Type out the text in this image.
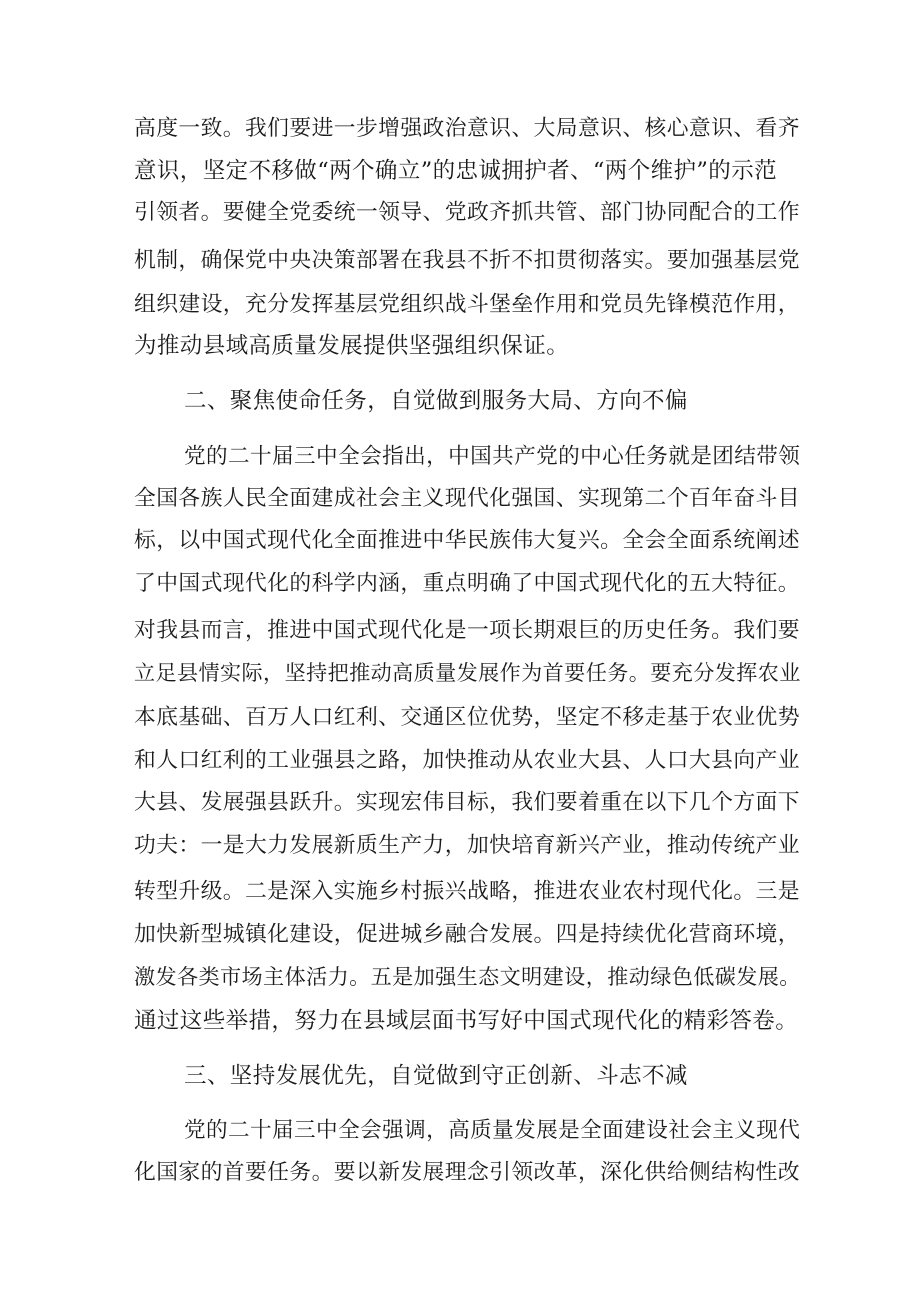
高度一致。我们要进一步增强政治意识、大局意识、核心意识、看齐
意识，坚定不移做“两个确立”的忠诚拥护者、“两个维护”的示范
引领者。要健全党委统一领导、党政齐抓共管、部门协同配合的工作
机制，确保党中央决策部署在我县不折不扣贯彻落实。要加强基层党
组织建设，充分发挥基层党组织战斗堡垒作用和党员先锋模范作用，
为推动县域高质量发展提供坚强组织保证。
二、聚焦使命任务，自觉做到服务大局、方向不偏
党的二十届三中全会指出，中国共产党的中心任务就是团结带领
全国各族人民全面建成社会主义现代化强国、实现第二个百年奋斗目
标，以中国式现代化全面推进中华民族伟大复兴。全会全面系统阐述
了中国式现代化的科学内涵，重点明确了中国式现代化的五大特征。
对我县而言，推进中国式现代化是一项长期艰巨的历史任务。我们要
立足县情实际，坚持把推动高质量发展作为首要任务。要充分发挥农业
本底基础、百万人口红利、交通区位优势，坚定不移走基于农业优势
和人口红利的工业强县之路，加快推动从农业大县、人口大县向产业
大县、发展强县跃升。实现宏伟目标，我们要着重在以下几个方面下
功夫：一是大力发展新质生产力，加快培育新兴产业，推动传统产业
转型升级。二是深入实施乡村振兴战略，推进农业农村现代化。三是
加快新型城镇化建设，促进城乡融合发展。四是持续优化营商环境，
激发各类市场主体活力。五是加强生态文明建设，推动绿色低碳发展。
通过这些举措，努力在县域层面书写好中国式现代化的精彩答卷。
三、坚持发展优先，自觉做到守正创新、斗志不减
党的二十届三中全会强调，高质量发展是全面建设社会主义现代
化国家的首要任务。要以新发展理念引领改革，深化供给侧结构性改
